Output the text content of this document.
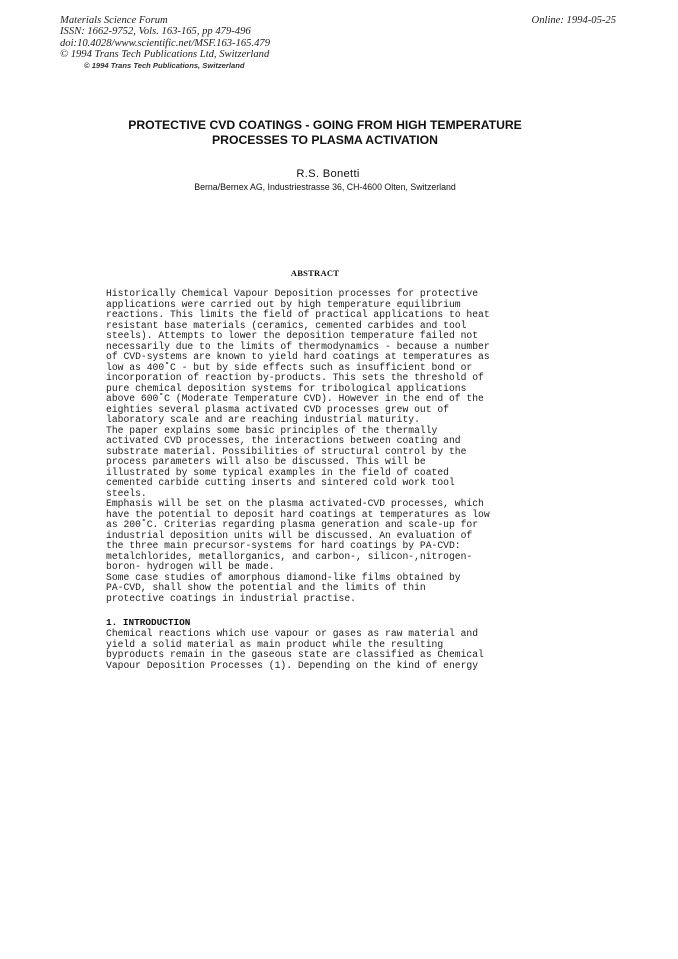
Materials Science Forum
ISSN: 1662-9752, Vols. 163-165, pp 479-496
doi:10.4028/www.scientific.net/MSF.163-165.479
© 1994 Trans Tech Publications Ltd, Switzerland
© 1994 Trans Tech Publications, Switzerland
Online: 1994-05-25
PROTECTIVE CVD COATINGS - GOING FROM HIGH TEMPERATURE
PROCESSES TO PLASMA ACTIVATION
R.S. Bonetti
Berna/Bernex AG, Industriestrasse 36, CH-4600 Olten, Switzerland
ABSTRACT
Historically Chemical Vapour Deposition processes for protective
applications were carried out by high temperature equilibrium
reactions. This limits the field of practical applications to heat
resistant base materials (ceramics, cemented carbides and tool
steels). Attempts to lower the deposition temperature failed not
necessarily due to the limits of thermodynamics - because a number
of CVD-systems are known to yield hard coatings at temperatures as
low as 400˚C - but by side effects such as insufficient bond or
incorporation of reaction by-products. This sets the threshold of
pure chemical deposition systems for tribological applications
above 600˚C (Moderate Temperature CVD). However in the end of the
eighties several plasma activated CVD processes grew out of
laboratory scale and are reaching industrial maturity.
The paper explains some basic principles of the thermally
activated CVD processes, the interactions between coating and
substrate material. Possibilities of structural control by the
process parameters will also be discussed. This will be
illustrated by some typical examples in the field of coated
cemented carbide cutting inserts and sintered cold work tool
steels.
Emphasis will be set on the plasma activated-CVD processes, which
have the potential to deposit hard coatings at temperatures as low
as 200˚C. Criterias regarding plasma generation and scale-up for
industrial deposition units will be discussed. An evaluation of
the three main precursor-systems for hard coatings by PA-CVD:
metalchlorides, metallorganics, and carbon-, silicon-,nitrogen-
boron- hydrogen will be made.
Some case studies of amorphous diamond-like films obtained by
PA-CVD, shall show the potential and the limits of thin
protective coatings in industrial practise.
1. INTRODUCTION
Chemical reactions which use vapour or gases as raw material and
yield a solid material as main product while the resulting
byproducts remain in the gaseous state are classified as Chemical
Vapour Deposition Processes (1). Depending on the kind of energy
